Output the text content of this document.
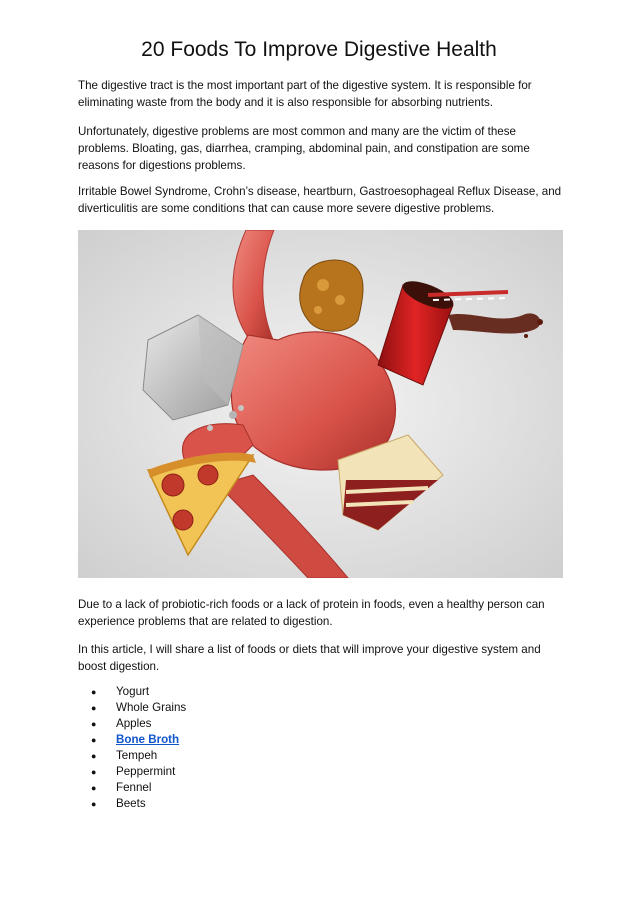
20 Foods To Improve Digestive Health

The digestive tract is the most important part of the digestive system. It is responsible for eliminating waste from the body and it is also responsible for absorbing nutrients.

Unfortunately, digestive problems are most common and many are the victim of these problems. Bloating, gas, diarrhea, cramping, abdominal pain, and constipation are some reasons for digestions problems.

Irritable Bowel Syndrome, Crohn’s disease, heartburn, Gastroesophageal Reflux Disease, and diverticulitis are some conditions that can cause more severe digestive problems.

Due to a lack of probiotic-rich foods or a lack of protein in foods, even a healthy person can experience problems that are related to digestion.

In this article, I will share a list of foods or diets that will improve your digestive system and boost digestion.

● Yogurt
● Whole Grains
● Apples
● Bone Broth
● Tempeh
● Peppermint
● Fennel
● Beets
